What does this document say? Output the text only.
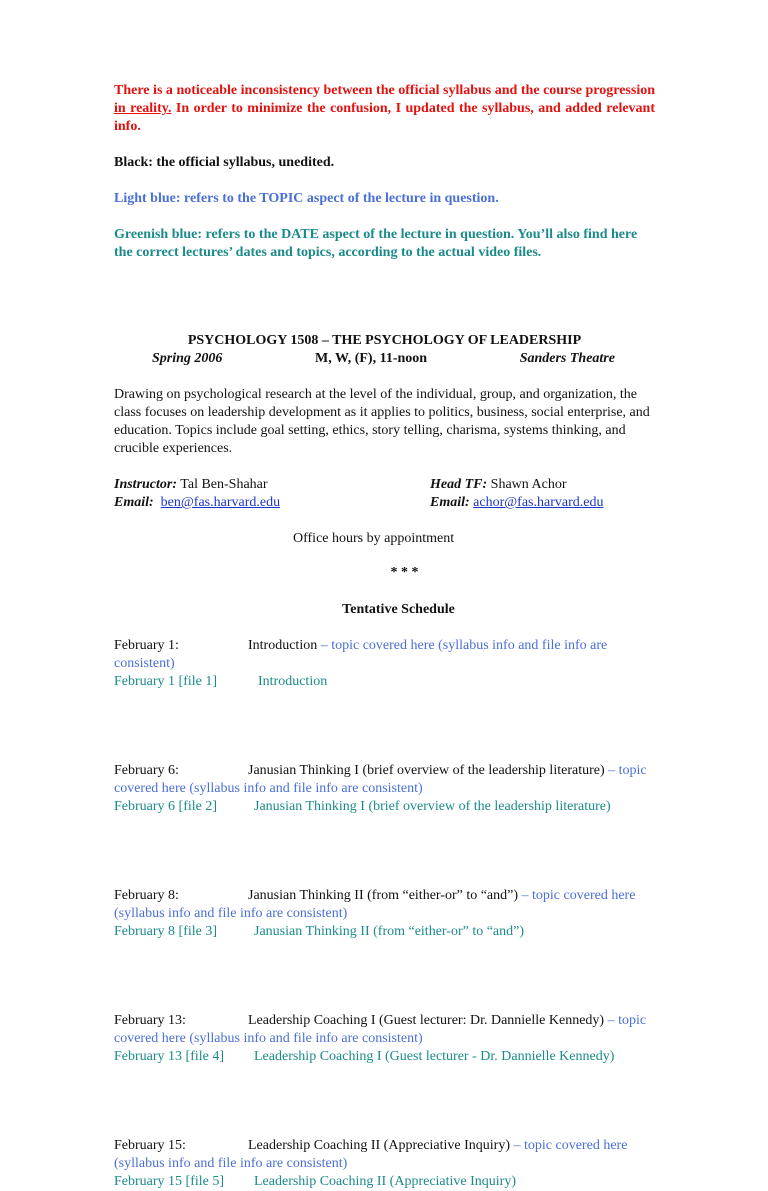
There is a noticeable inconsistency between the official syllabus and the course progression in reality. In order to minimize the confusion, I updated the syllabus, and added relevant info.
Black: the official syllabus, unedited.
Light blue: refers to the TOPIC aspect of the lecture in question.
Greenish blue: refers to the DATE aspect of the lecture in question. You’ll also find here the correct lectures’ dates and topics, according to the actual video files.
PSYCHOLOGY 1508 – THE PSYCHOLOGY OF LEADERSHIP
Spring 2006	M, W, (F), 11-noon	Sanders Theatre
Drawing on psychological research at the level of the individual, group, and organization, the class focuses on leadership development as it applies to politics, business, social enterprise, and education. Topics include goal setting, ethics, story telling, charisma, systems thinking, and crucible experiences.
Instructor: Tal Ben-Shahar	Head TF: Shawn Achor
Email: ben@fas.harvard.edu	Email: achor@fas.harvard.edu
Office hours by appointment
* * *
Tentative Schedule
February 1:	Introduction – topic covered here (syllabus info and file info are consistent)
February 1 [file 1]	Introduction
February 6:	Janusian Thinking I (brief overview of the leadership literature) – topic covered here (syllabus info and file info are consistent)
February 6 [file 2]	Janusian Thinking I (brief overview of the leadership literature)
February 8:	Janusian Thinking II (from “either-or” to “and”) – topic covered here (syllabus info and file info are consistent)
February 8 [file 3]	Janusian Thinking II (from “either-or” to “and”)
February 13:	Leadership Coaching I (Guest lecturer: Dr. Dannielle Kennedy) – topic covered here (syllabus info and file info are consistent)
February 13 [file 4] Leadership Coaching I (Guest lecturer - Dr. Dannielle Kennedy)
February 15:	Leadership Coaching II (Appreciative Inquiry) – topic covered here (syllabus info and file info are consistent)
February 15 [file 5] Leadership Coaching II (Appreciative Inquiry)
